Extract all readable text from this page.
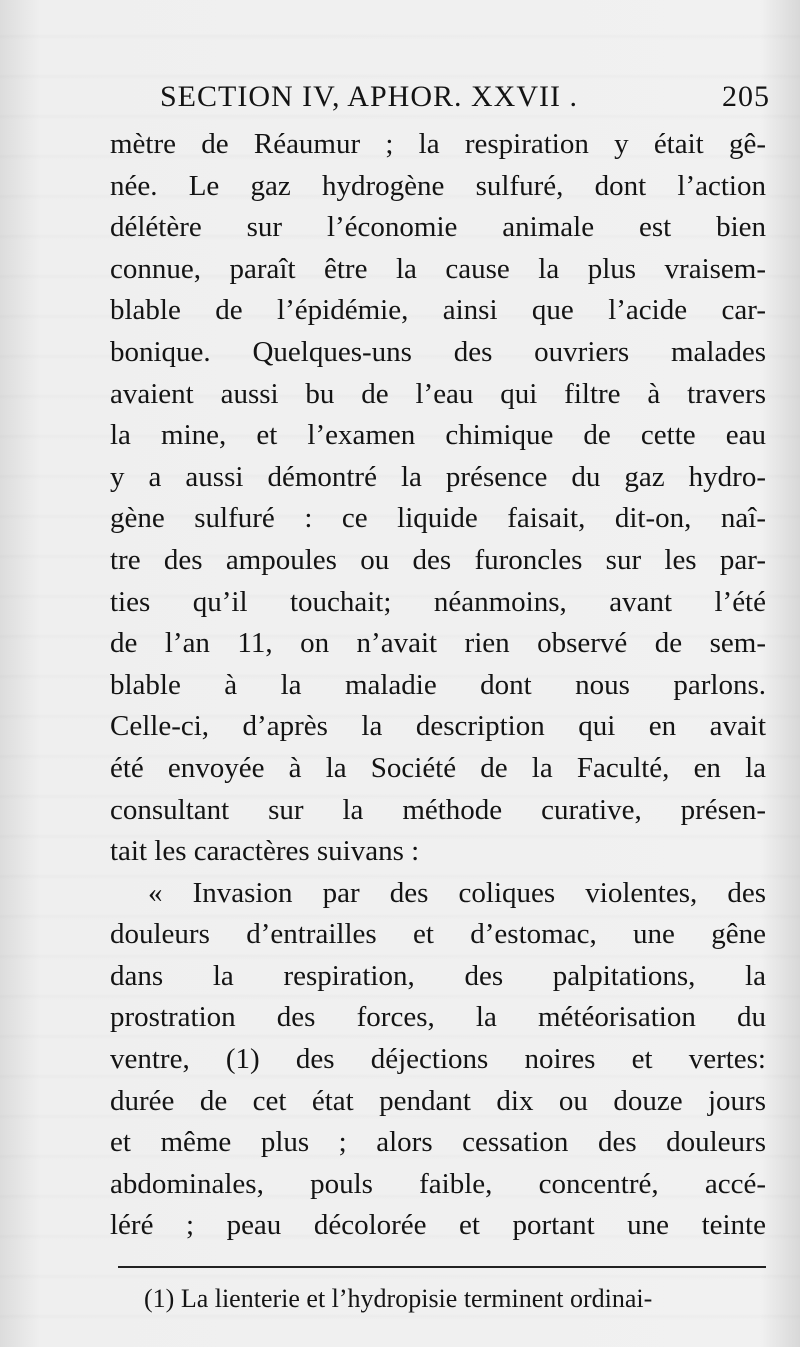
SECTION IV, APHOR. XXVII .	205
mètre de Réaumur ; la respiration y était gê-
née. Le gaz hydrogène sulfuré, dont l’action
délétère sur l’économie animale est bien
connue, paraît être la cause la plus vraisem-
blable de l’épidémie, ainsi que l’acide car-
bonique. Quelques-uns des ouvriers malades
avaient aussi bu de l’eau qui filtre à travers
la mine, et l’examen chimique de cette eau
y a aussi démontré la présence du gaz hydro-
gène sulfuré : ce liquide faisait, dit-on, naî-
tre des ampoules ou des furoncles sur les par-
ties qu’il touchait; néanmoins, avant l’été
de l’an 11, on n’avait rien observé de sem-
blable à la maladie dont nous parlons.
Celle-ci, d’après la description qui en avait
été envoyée à la Société de la Faculté, en la
consultant sur la méthode curative, présen-
tait les caractères suivans :
« Invasion par des coliques violentes, des
douleurs d’entrailles et d’estomac, une gêne
dans la respiration, des palpitations, la
prostration des forces, la météorisation du
ventre, (1) des déjections noires et vertes:
durée de cet état pendant dix ou douze jours
et même plus ; alors cessation des douleurs
abdominales, pouls faible, concentré, accé-
léré ; peau décolorée et portant une teinte
(1) La lienterie et l’hydropisie terminent ordinai-
